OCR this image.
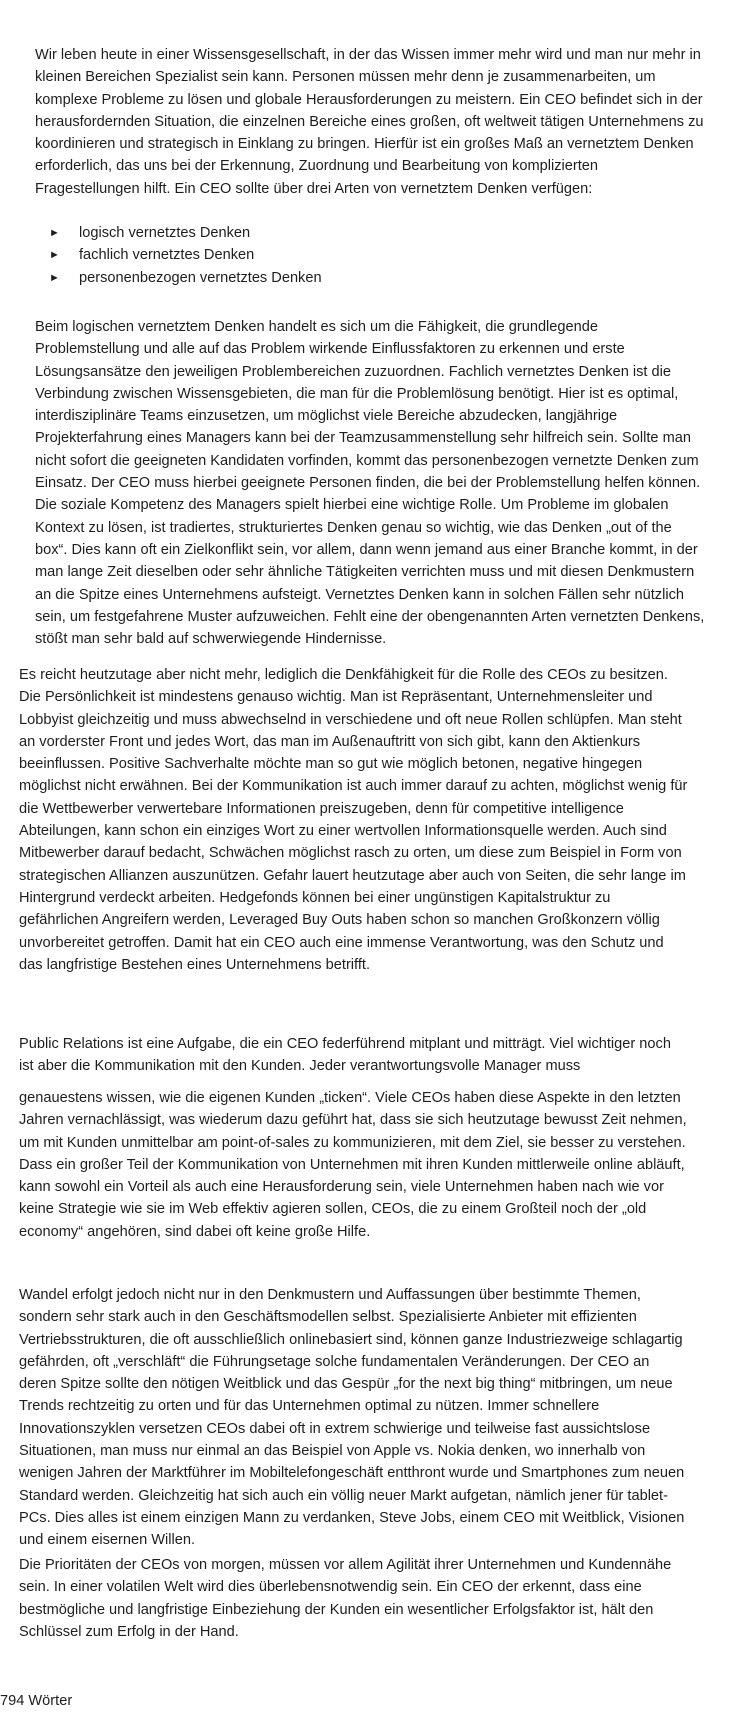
Wir leben heute in einer Wissensgesellschaft, in der das Wissen immer mehr wird und man nur mehr in kleinen Bereichen Spezialist sein kann. Personen müssen mehr denn je zusammenarbeiten, um komplexe Probleme zu lösen und globale Herausforderungen zu meistern. Ein CEO befindet sich in der herausfordernden Situation, die einzelnen Bereiche eines großen, oft weltweit tätigen Unternehmens zu koordinieren und strategisch in Einklang zu bringen. Hierfür ist ein großes Maß an vernetztem Denken erforderlich, das uns bei der Erkennung, Zuordnung und Bearbeitung von komplizierten Fragestellungen hilft. Ein CEO sollte über drei Arten von vernetztem Denken verfügen:

►	logisch vernetztes Denken
►	fachlich vernetztes Denken
►	personenbezogen vernetztes Denken

Beim logischen vernetztem Denken handelt es sich um die Fähigkeit, die grundlegende Problemstellung und alle auf das Problem wirkende Einflussfaktoren zu erkennen und erste Lösungsansätze den jeweiligen Problembereichen zuzuordnen. Fachlich vernetztes Denken ist die Verbindung zwischen Wissensgebieten, die man für die Problemlösung benötigt. Hier ist es optimal, interdisziplinäre Teams einzusetzen, um möglichst viele Bereiche abzudecken, langjährige Projekterfahrung eines Managers kann bei der Teamzusammenstellung sehr hilfreich sein. Sollte man nicht sofort die geeigneten Kandidaten vorfinden, kommt das personenbezogen vernetzte Denken zum Einsatz. Der CEO muss hierbei geeignete Personen finden, die bei der Problemstellung helfen können. Die soziale Kompetenz des Managers spielt hierbei eine wichtige Rolle. Um Probleme im globalen Kontext zu lösen, ist tradiertes, strukturiertes Denken genau so wichtig, wie das Denken „out of the box“. Dies kann oft ein Zielkonflikt sein, vor allem, dann wenn jemand aus einer Branche kommt, in der man lange Zeit dieselben oder sehr ähnliche Tätigkeiten verrichten muss und mit diesen Denkmustern an die Spitze eines Unternehmens aufsteigt. Vernetztes Denken kann in solchen Fällen sehr nützlich sein, um festgefahrene Muster aufzuweichen. Fehlt eine der obengenannten Arten vernetzten Denkens, stößt man sehr bald auf schwerwiegende Hindernisse.

Es reicht heutzutage aber nicht mehr, lediglich die Denkfähigkeit für die Rolle des CEOs zu besitzen. Die Persönlichkeit ist mindestens genauso wichtig. Man ist Repräsentant, Unternehmensleiter und Lobbyist gleichzeitig und muss abwechselnd in verschiedene und oft neue Rollen schlüpfen. Man steht an vorderster Front und jedes Wort, das man im Außenauftritt von sich gibt, kann den Aktienkurs beeinflussen. Positive Sachverhalte möchte man so gut wie möglich betonen, negative hingegen möglichst nicht erwähnen. Bei der Kommunikation ist auch immer darauf zu achten, möglichst wenig für die Wettbewerber verwertebare Informationen preiszugeben, denn für competitive intelligence Abteilungen, kann schon ein einziges Wort zu einer wertvollen Informationsquelle werden. Auch sind Mitbewerber darauf bedacht, Schwächen möglichst rasch zu orten, um diese zum Beispiel in Form von strategischen Allianzen auszunützen. Gefahr lauert heutzutage aber auch von Seiten, die sehr lange im Hintergrund verdeckt arbeiten. Hedgefonds können bei einer ungünstigen Kapitalstruktur zu gefährlichen Angreifern werden, Leveraged Buy Outs haben schon so manchen Großkonzern völlig unvorbereitet getroffen. Damit hat ein CEO auch eine immense Verantwortung, was den Schutz und das langfristige Bestehen eines Unternehmens betrifft.

Public Relations ist eine Aufgabe, die ein CEO federführend mitplant und mitträgt. Viel wichtiger noch ist aber die Kommunikation mit den Kunden. Jeder verantwortungsvolle Manager muss

genauestens wissen, wie die eigenen Kunden „ticken“. Viele CEOs haben diese Aspekte in den letzten Jahren vernachlässigt, was wiederum dazu geführt hat, dass sie sich heutzutage bewusst Zeit nehmen, um mit Kunden unmittelbar am point-of-sales zu kommunizieren, mit dem Ziel, sie besser zu verstehen. Dass ein großer Teil der Kommunikation von Unternehmen mit ihren Kunden mittlerweile online abläuft, kann sowohl ein Vorteil als auch eine Herausforderung sein, viele Unternehmen haben nach wie vor keine Strategie wie sie im Web effektiv agieren sollen, CEOs, die zu einem Großteil noch der „old economy“ angehören, sind dabei oft keine große Hilfe.

Wandel erfolgt jedoch nicht nur in den Denkmustern und Auffassungen über bestimmte Themen, sondern sehr stark auch in den Geschäftsmodellen selbst. Spezialisierte Anbieter mit effizienten Vertriebsstrukturen, die oft ausschließlich onlinebasiert sind, können ganze Industriezweige schlagartig gefährden, oft „verschläft“ die Führungsetage solche fundamentalen Veränderungen. Der CEO an deren Spitze sollte den nötigen Weitblick und das Gespür „for the next big thing“ mitbringen, um neue Trends rechtzeitig zu orten und für das Unternehmen optimal zu nützen. Immer schnellere Innovationszyklen versetzen CEOs dabei oft in extrem schwierige und teilweise fast aussichtslose Situationen, man muss nur einmal an das Beispiel von Apple vs. Nokia denken, wo innerhalb von wenigen Jahren der Marktführer im Mobiltelefongeschäft entthront wurde und Smartphones zum neuen Standard werden. Gleichzeitig hat sich auch ein völlig neuer Markt aufgetan, nämlich jener für tablet-PCs. Dies alles ist einem einzigen Mann zu verdanken, Steve Jobs, einem CEO mit Weitblick, Visionen und einem eisernen Willen.

Die Prioritäten der CEOs von morgen, müssen vor allem Agilität ihrer Unternehmen und Kundennähe sein. In einer volatilen Welt wird dies überlebensnotwendig sein. Ein CEO der erkennt, dass eine bestmögliche und langfristige Einbeziehung der Kunden ein wesentlicher Erfolgsfaktor ist, hält den Schlüssel zum Erfolg in der Hand.

794 Wörter
